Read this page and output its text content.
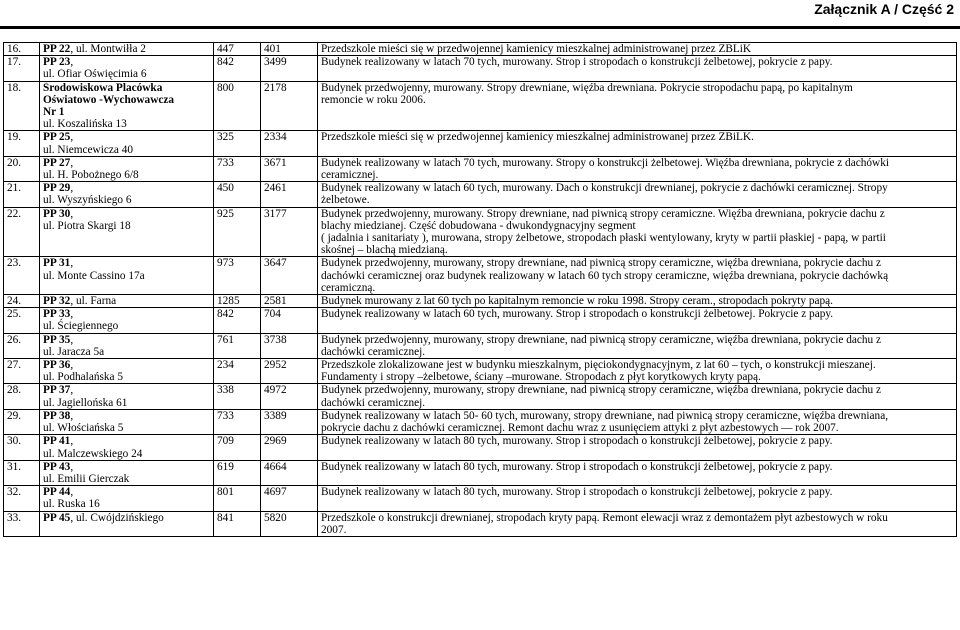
Załącznik A / Część 2
16.	PP 22, ul. Montwiłła 2	447	401	Przedszkole mieści się w przedwojennej kamienicy mieszkalnej administrowanej przez ZBLiK

17.	PP 23,
ul. Ofiar Oświęcimia 6	842	3499	Budynek realizowany w latach 70 tych, murowany. Strop i stropodach o konstrukcji żelbetowej, pokrycie z papy.

18.	Środowiskowa Placówka
Oświatowo -Wychowawcza
Nr 1
ul. Koszalińska 13	800	2178	Budynek przedwojenny, murowany. Stropy drewniane, więźba drewniana. Pokrycie stropodachu papą, po kapitalnym
remoncie w roku 2006.

19.	PP 25,
ul. Niemcewicza 40	325	2334	Przedszkole mieści się w przedwojennej kamienicy mieszkalnej administrowanej przez ZBiLK.

20.	PP 27,
ul. H. Pobożnego 6/8	733	3671	Budynek realizowany w latach 70 tych, murowany. Stropy o konstrukcji żelbetowej. Więźba drewniana, pokrycie z dachówki
ceramicznej.

21.	PP 29,
ul. Wyszyńskiego 6	450	2461	Budynek realizowany w latach 60 tych, murowany. Dach o konstrukcji drewnianej, pokrycie z dachówki ceramicznej. Stropy
żelbetowe.

22.	PP 30,
ul. Piotra Skargi 18	925	3177	Budynek przedwojenny, murowany. Stropy drewniane, nad piwnicą stropy ceramiczne. Więźba drewniana, pokrycie dachu z
blachy miedzianej. Część dobudowana - dwukondygnacyjny segment
( jadalnia i sanitariaty ), murowana, stropy żelbetowe, stropodach płaski wentylowany, kryty w partii płaskiej - papą, w partii
skośnej – blachą miedzianą.

23.	PP 31,
ul. Monte Cassino 17a	973	3647	Budynek przedwojenny, murowany, stropy drewniane, nad piwnicą stropy ceramiczne, więźba drewniana, pokrycie dachu z
dachówki ceramicznej oraz budynek realizowany w latach 60 tych stropy ceramiczne, więźba drewniana, pokrycie dachówką
ceramiczną.

24.	PP 32, ul. Farna	1285	2581	Budynek murowany z lat 60 tych po kapitalnym remoncie w roku 1998. Stropy ceram., stropodach pokryty papą.

25.	PP 33,
ul. Ściegiennego	842	704	Budynek realizowany w latach 60 tych, murowany. Strop i stropodach o konstrukcji żelbetowej. Pokrycie z papy.

26.	PP 35,
ul. Jaracza 5a	761	3738	Budynek przedwojenny, murowany, stropy drewniane, nad piwnicą stropy ceramiczne, więźba drewniana, pokrycie dachu z
dachówki ceramicznej.

27.	PP 36,
ul. Podhalańska 5	234	2952	Przedszkole zlokalizowane jest w budynku mieszkalnym, pięciokondygnacyjnym, z lat 60 – tych, o konstrukcji mieszanej.
Fundamenty i stropy –żelbetowe, ściany –murowane. Stropodach z płyt korytkowych kryty papą.

28.	PP 37,
ul. Jagiellońska 61	338	4972	Budynek przedwojenny, murowany, stropy drewniane, nad piwnicą stropy ceramiczne, więźba drewniana, pokrycie dachu z
dachówki ceramicznej.

29.	PP 38,
ul. Włościańska 5	733	3389	Budynek realizowany w latach 50- 60 tych, murowany, stropy drewniane, nad piwnicą stropy ceramiczne, więźba drewniana,
pokrycie dachu z dachówki ceramicznej. Remont dachu wraz z usunięciem attyki z płyt azbestowych — rok 2007.

30.	PP 41,
ul. Malczewskiego 24	709	2969	Budynek realizowany w latach 80 tych, murowany. Strop i stropodach o konstrukcji żelbetowej, pokrycie z papy.

31.	PP 43,
ul. Emilii Gierczak	619	4664	Budynek realizowany w latach 80 tych, murowany. Strop i stropodach o konstrukcji żelbetowej, pokrycie z papy.

32.	PP 44,
ul. Ruska 16	801	4697	Budynek realizowany w latach 80 tych, murowany. Strop i stropodach o konstrukcji żelbetowej, pokrycie z papy.

33.	PP 45, ul. Cwójdzińskiego	841	5820	Przedszkole o konstrukcji drewnianej, stropodach kryty papą. Remont elewacji wraz z demontażem płyt azbestowych w roku
2007.
